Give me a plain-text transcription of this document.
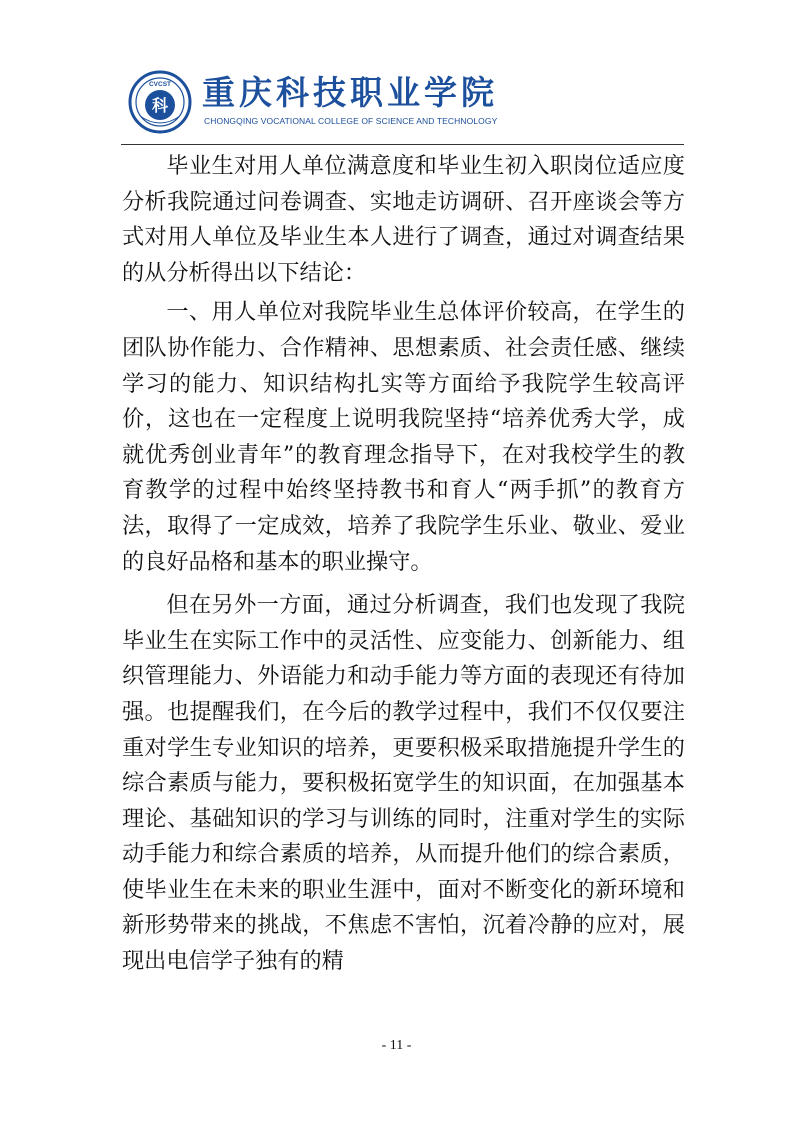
CVCST
科 重庆科技职业学院
CHONGQING VOCATIONAL COLLEGE OF SCIENCE AND TECHNOLOGY

毕业生对用人单位满意度和毕业生初入职岗位适应度分析我院通过问卷调查、实地走访调研、召开座谈会等方式对用人单位及毕业生本人进行了调查，通过对调查结果的从分析得出以下结论：

一、用人单位对我院毕业生总体评价较高，在学生的团队协作能力、合作精神、思想素质、社会责任感、继续学习的能力、知识结构扎实等方面给予我院学生较高评价，这也在一定程度上说明我院坚持“培养优秀大学，成就优秀创业青年”的教育理念指导下，在对我校学生的教育教学的过程中始终坚持教书和育人“两手抓”的教育方法，取得了一定成效，培养了我院学生乐业、敬业、爱业的良好品格和基本的职业操守。

但在另外一方面，通过分析调查，我们也发现了我院毕业生在实际工作中的灵活性、应变能力、创新能力、组织管理能力、外语能力和动手能力等方面的表现还有待加强。也提醒我们，在今后的教学过程中，我们不仅仅要注重对学生专业知识的培养，更要积极采取措施提升学生的综合素质与能力，要积极拓宽学生的知识面，在加强基本理论、基础知识的学习与训练的同时，注重对学生的实际动手能力和综合素质的培养，从而提升他们的综合素质，使毕业生在未来的职业生涯中，面对不断变化的新环境和新形势带来的挑战，不焦虑不害怕，沉着冷静的应对，展现出电信学子独有的精

- 11 -
